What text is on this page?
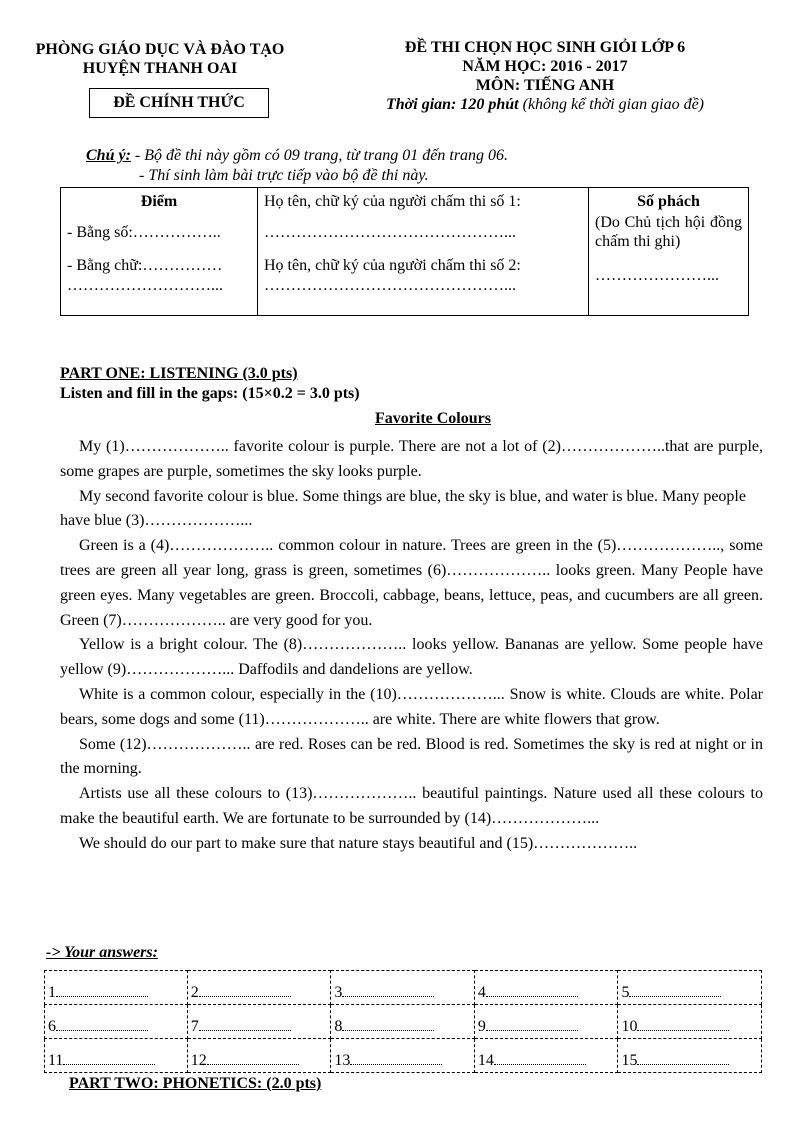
PHÒNG GIÁO DỤC VÀ ĐÀO TẠO
HUYỆN THANH OAI
ĐỀ CHÍNH THỨC
ĐỀ THI CHỌN HỌC SINH GIỎI LỚP 6
NĂM HỌC: 2016 - 2017
MÔN: TIẾNG ANH
Thời gian: 120 phút (không kể thời gian giao đề)
Chú ý: - Bộ đề thi này gồm có 09 trang, từ trang 01 đến trang 06.
- Thí sinh làm bài trực tiếp vào bộ đề thi này.
Điểm
- Bằng số:……………..
- Bằng chữ:……………
………………………...

Họ tên, chữ ký của người chấm thi số 1:
………………………………………...
Họ tên, chữ ký của người chấm thi số 2:
………………………………………...

Số phách
(Do Chủ tịch hội đồng chấm thi ghi)
…………………...
PART ONE: LISTENING (3.0 pts)
Listen and fill in the gaps: (15×0.2 = 3.0 pts)
Favorite Colours

My (1)……………….. favorite colour is purple. There are not a lot of (2)………………..that are purple, some grapes are purple, sometimes the sky looks purple.

My second favorite colour is blue. Some things are blue, the sky is blue, and water is blue. Many people have blue (3)………………...

Green is a (4)……………….. common colour in nature. Trees are green in the (5)……………….., some trees are green all year long, grass is green, sometimes (6)……………….. looks green. Many People have green eyes. Many vegetables are green. Broccoli, cabbage, beans, lettuce, peas, and cucumbers are all green. Green (7)……………….. are very good for you.

Yellow is a bright colour. The (8)……………….. looks yellow. Bananas are yellow. Some people have yellow (9)………………... Daffodils and dandelions are yellow.

White is a common colour, especially in the (10)………………... Snow is white. Clouds are white. Polar bears, some dogs and some (11)……………….. are white. There are white flowers that grow.

Some (12)……………….. are red. Roses can be red. Blood is red. Sometimes the sky is red at night or in the morning.

Artists use all these colours to (13)……………….. beautiful paintings. Nature used all these colours to make the beautiful earth. We are fortunate to be surrounded by (14)………………...

We should do our part to make sure that nature stays beautiful and (15)………………..

-> Your answers:
1	2	3	4	5
6	7	8	9	10
11	12	13	14	15
PART TWO: PHONETICS: (2.0 pts)
